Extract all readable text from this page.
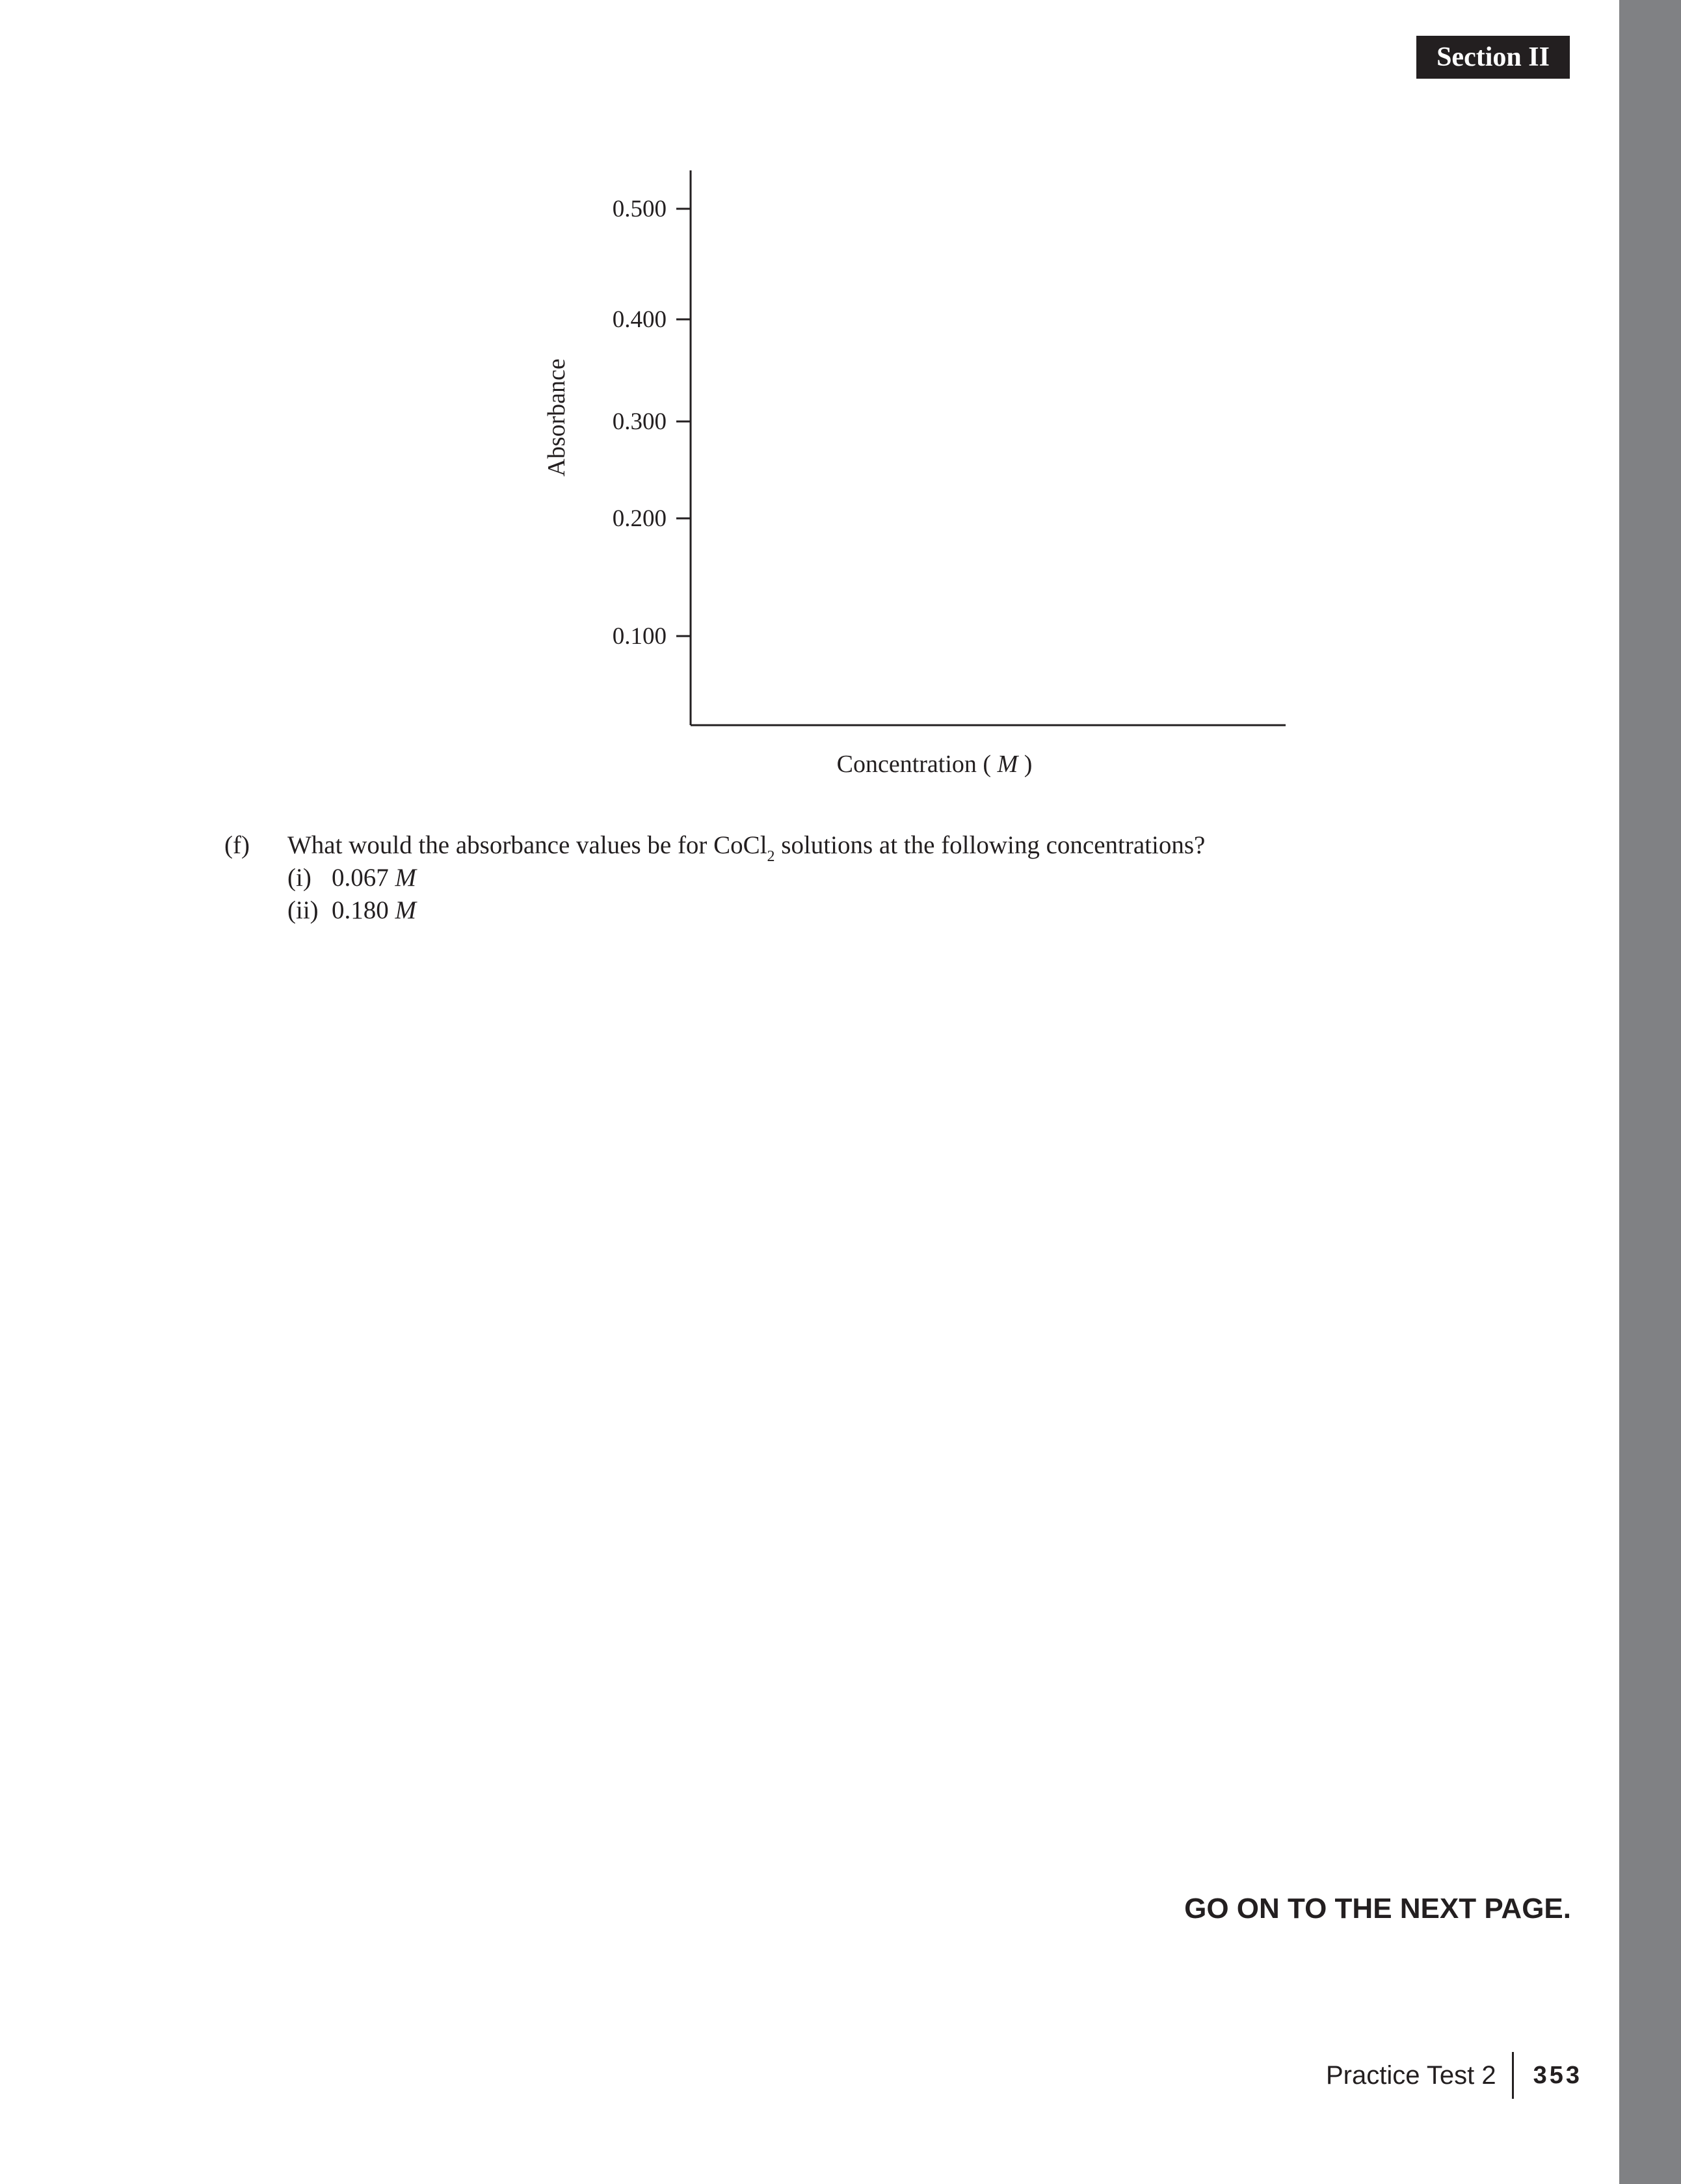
Section II
0.100
0.200
0.300
0.400
0.500
Absorbance
Concentration ( M )
(f) What would the absorbance values be for CoCl$_2$ solutions at the following concentrations?
(i) 0.067 M
(ii) 0.180 M
GO ON TO THE NEXT PAGE.
Practice Test 2	353
